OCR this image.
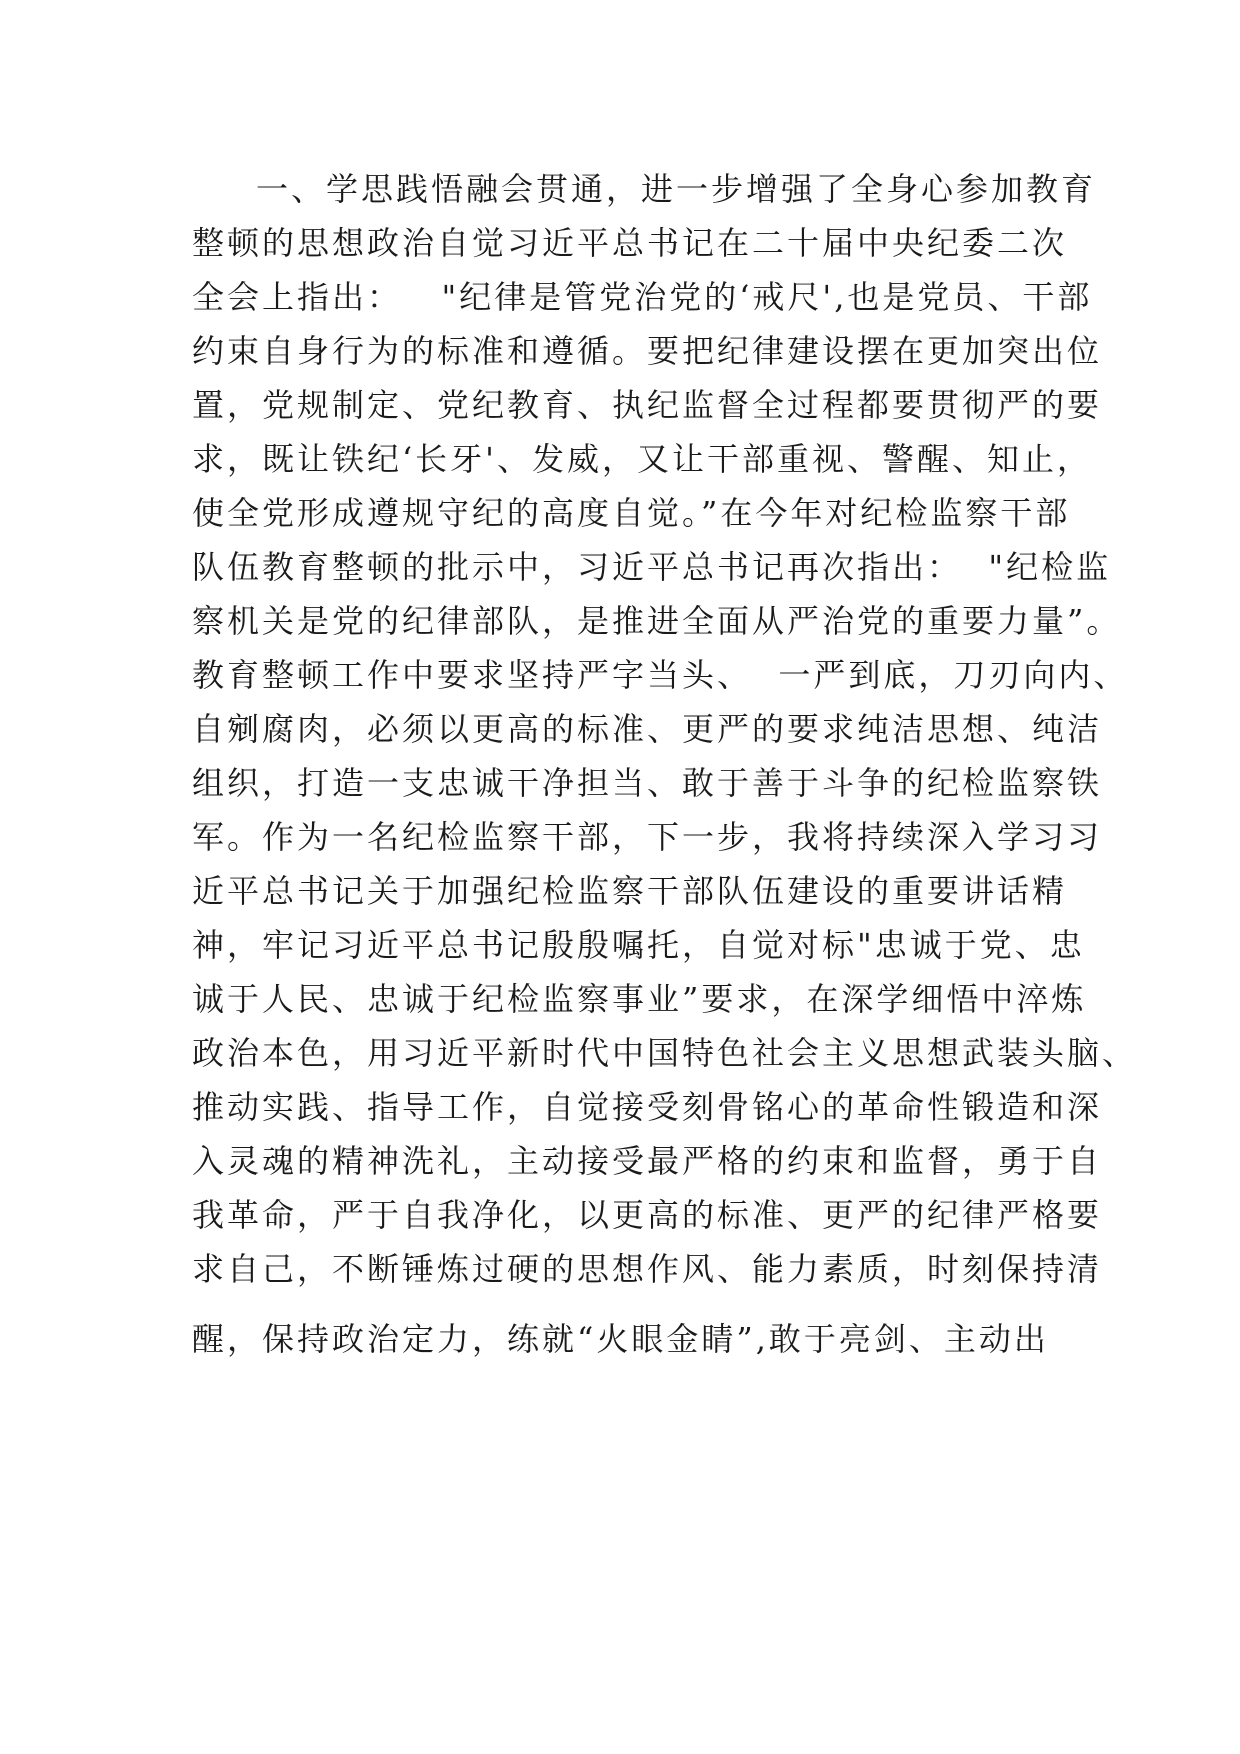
一、学思践悟融会贯通，进一步增强了全身心参加教育
整顿的思想政治自觉习近平总书记在二十届中央纪委二次
全会上指出：   "纪律是管党治党的‘戒尺',也是党员、干部
约束自身行为的标准和遵循。要把纪律建设摆在更加突出位
置，党规制定、党纪教育、执纪监督全过程都要贯彻严的要
求，既让铁纪‘长牙'、发威，又让干部重视、警醒、知止，
使全党形成遵规守纪的高度自觉。”在今年对纪检监察干部
队伍教育整顿的批示中，习近平总书记再次指出：  "纪检监
察机关是党的纪律部队，是推进全面从严治党的重要力量”。
教育整顿工作中要求坚持严字当头、  一严到底，刀刃向内、
自剜腐肉，必须以更高的标准、更严的要求纯洁思想、纯洁
组织，打造一支忠诚干净担当、敢于善于斗争的纪检监察铁
军。作为一名纪检监察干部，下一步，我将持续深入学习习
近平总书记关于加强纪检监察干部队伍建设的重要讲话精
神，牢记习近平总书记殷殷嘱托，自觉对标"忠诚于党、忠
诚于人民、忠诚于纪检监察事业”要求，在深学细悟中淬炼
政治本色，用习近平新时代中国特色社会主义思想武装头脑、
推动实践、指导工作，自觉接受刻骨铭心的革命性锻造和深
入灵魂的精神洗礼，主动接受最严格的约束和监督，勇于自
我革命，严于自我净化，以更高的标准、更严的纪律严格要
求自己，不断锤炼过硬的思想作风、能力素质，时刻保持清
醒，保持政治定力，练就“火眼金睛”,敢于亮剑、主动出
